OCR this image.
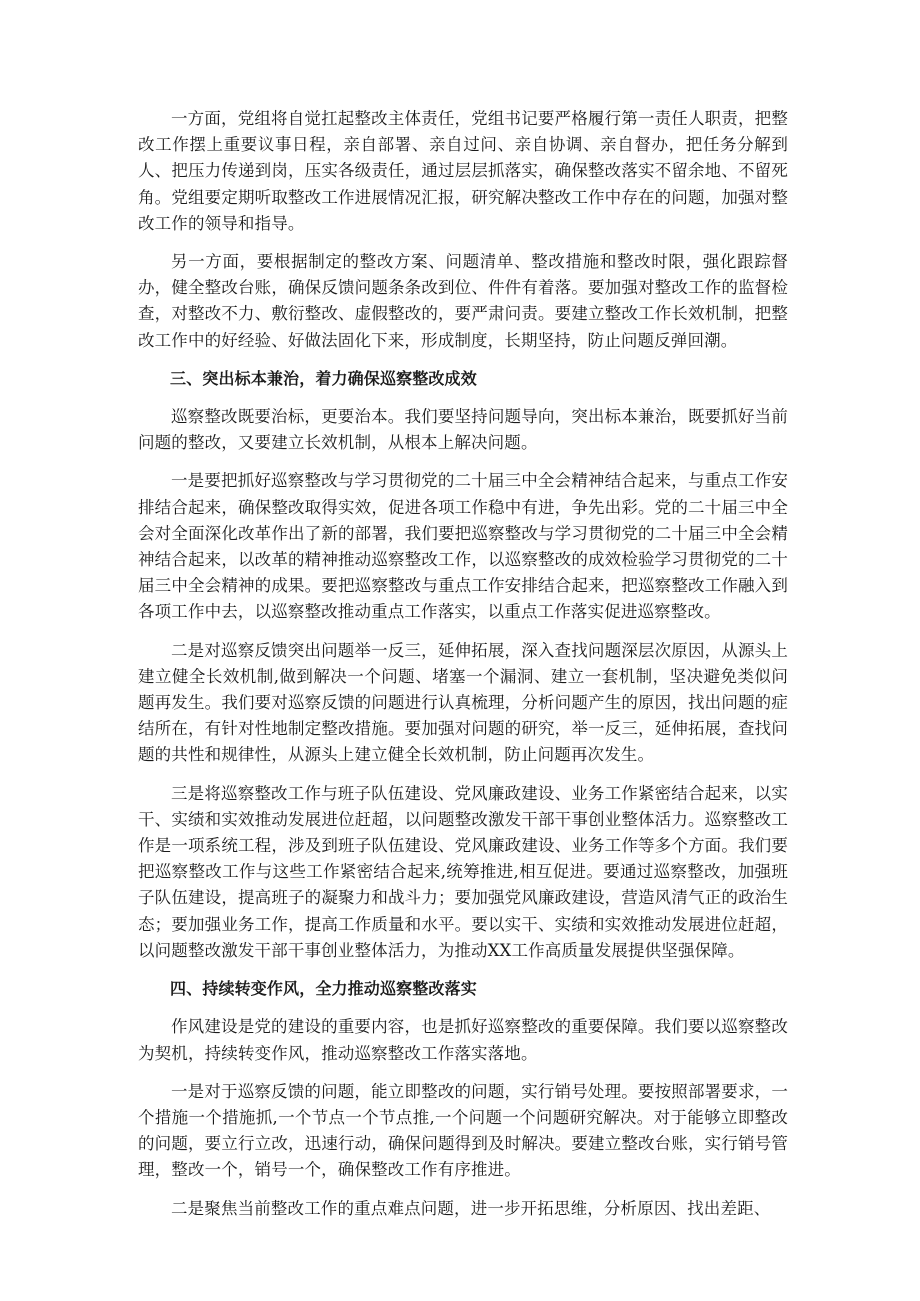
一方面，党组将自觉扛起整改主体责任，党组书记要严格履行第一责任人职责，把整改工作摆上重要议事日程，亲自部署、亲自过问、亲自协调、亲自督办，把任务分解到人、把压力传递到岗，压实各级责任，通过层层抓落实，确保整改落实不留余地、不留死角。党组要定期听取整改工作进展情况汇报，研究解决整改工作中存在的问题，加强对整改工作的领导和指导。

另一方面，要根据制定的整改方案、问题清单、整改措施和整改时限，强化跟踪督办，健全整改台账，确保反馈问题条条改到位、件件有着落。要加强对整改工作的监督检查，对整改不力、敷衍整改、虚假整改的，要严肃问责。要建立整改工作长效机制，把整改工作中的好经验、好做法固化下来，形成制度，长期坚持，防止问题反弹回潮。

三、突出标本兼治，着力确保巡察整改成效

巡察整改既要治标，更要治本。我们要坚持问题导向，突出标本兼治，既要抓好当前问题的整改，又要建立长效机制，从根本上解决问题。

一是要把抓好巡察整改与学习贯彻党的二十届三中全会精神结合起来，与重点工作安排结合起来，确保整改取得实效，促进各项工作稳中有进，争先出彩。党的二十届三中全会对全面深化改革作出了新的部署，我们要把巡察整改与学习贯彻党的二十届三中全会精神结合起来，以改革的精神推动巡察整改工作，以巡察整改的成效检验学习贯彻党的二十届三中全会精神的成果。要把巡察整改与重点工作安排结合起来，把巡察整改工作融入到各项工作中去，以巡察整改推动重点工作落实，以重点工作落实促进巡察整改。

二是对巡察反馈突出问题举一反三，延伸拓展，深入查找问题深层次原因，从源头上建立健全长效机制,做到解决一个问题、堵塞一个漏洞、建立一套机制，坚决避免类似问题再发生。我们要对巡察反馈的问题进行认真梳理，分析问题产生的原因，找出问题的症结所在，有针对性地制定整改措施。要加强对问题的研究，举一反三，延伸拓展，查找问题的共性和规律性，从源头上建立健全长效机制，防止问题再次发生。

三是将巡察整改工作与班子队伍建设、党风廉政建设、业务工作紧密结合起来，以实干、实绩和实效推动发展进位赶超，以问题整改激发干部干事创业整体活力。巡察整改工作是一项系统工程，涉及到班子队伍建设、党风廉政建设、业务工作等多个方面。我们要把巡察整改工作与这些工作紧密结合起来,统筹推进,相互促进。要通过巡察整改，加强班子队伍建设，提高班子的凝聚力和战斗力；要加强党风廉政建设，营造风清气正的政治生态；要加强业务工作，提高工作质量和水平。要以实干、实绩和实效推动发展进位赶超，以问题整改激发干部干事创业整体活力，为推动XX工作高质量发展提供坚强保障。

四、持续转变作风，全力推动巡察整改落实

作风建设是党的建设的重要内容，也是抓好巡察整改的重要保障。我们要以巡察整改为契机，持续转变作风，推动巡察整改工作落实落地。

一是对于巡察反馈的问题，能立即整改的问题，实行销号处理。要按照部署要求，一个措施一个措施抓,一个节点一个节点推,一个问题一个问题研究解决。对于能够立即整改的问题，要立行立改，迅速行动，确保问题得到及时解决。要建立整改台账，实行销号管理，整改一个，销号一个，确保整改工作有序推进。

二是聚焦当前整改工作的重点难点问题，进一步开拓思维，分析原因、找出差距、
